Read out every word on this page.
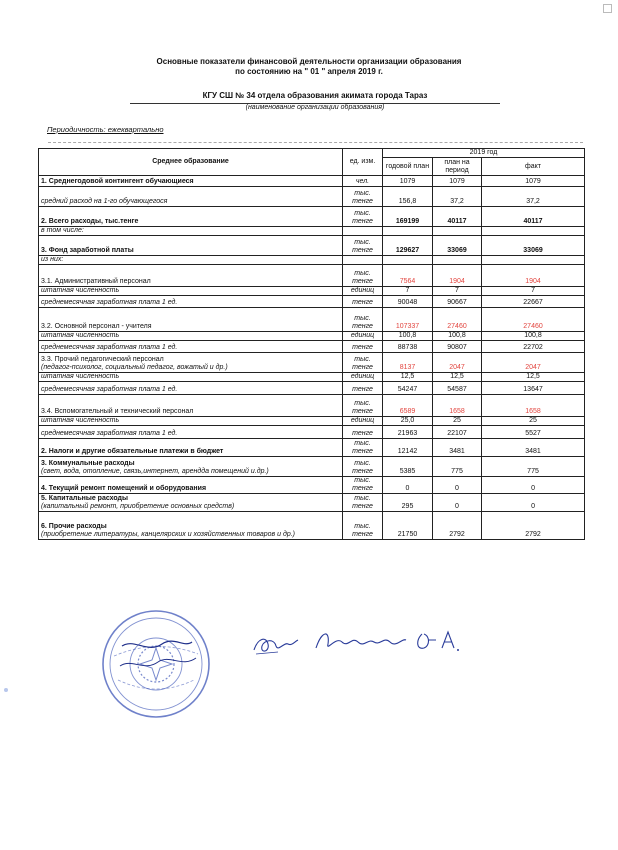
Основные показатели финансовой деятельности организации образования
по состоянию на " 01 " апреля 2019 г.
КГУ СШ № 34 отдела образования акимата города Тараз
(наименование организации образования)
Периодичность: ежеквартально
Среднее образование	ед. изм.	2019 год		
		годовой план	план на период	факт

1. Среднегодовой контингент обучающиеся	чел.	1079	1079	1079

средний расход на 1-го обучающегося	тыс. тенге	156,8	37,2	37,2

2. Всего расходы, тыс.тенге	тыс. тенге	169199	40117	40117

в том числе:				

3. Фонд заработной платы	тыс. тенге	129627	33069	33069

из них:				

3.1. Административный персонал	тыс. тенге	7564	1904	1904

штатная численность	единиц	7	7	7

среднемесячная заработная плата 1 ед.	тенге	90048	90667	22667

3.2. Основной персонал - учителя	тыс. тенге	107337	27460	27460

штатная численность	единиц	100,8	100,8	100,8

среднемесячная заработная плата 1 ед.	тенге	88738	90807	22702

3.3. Прочий педагогический персонал
(педагог-психолог, социальный педагог, вожатый и др.)	тыс. тенге	8137	2047	2047

штатная численность	единиц	12,5	12,5	12,5

среднемесячная заработная плата 1 ед.	тенге	54247	54587	13647

3.4. Вспомогательный и технический персонал	тыс. тенге	6589	1658	1658

штатная численность	единиц	25,0	25	25

среднемесячная заработная плата 1 ед.	тенге	21963	22107	5527

2. Налоги и другие обязательные платежи в бюджет	тыс. тенге	12142	3481	3481

3. Коммунальные расходы
(свет, вода, отопление, связь,интернет, арендда помещений и.др.)	тыс. тенге	5385	775	775

4. Текущий ремонт помещений и оборудования	тыс. тенге	0	0	0

5. Капитальные расходы
(капитальный ремонт, приобретение основных средств)	тыс. тенге	295	0	0

6. Прочие расходы
(приобретение литературы, канцелярских и хозяйственных товаров и др.)	тыс. тенге	21750	2792	2792
